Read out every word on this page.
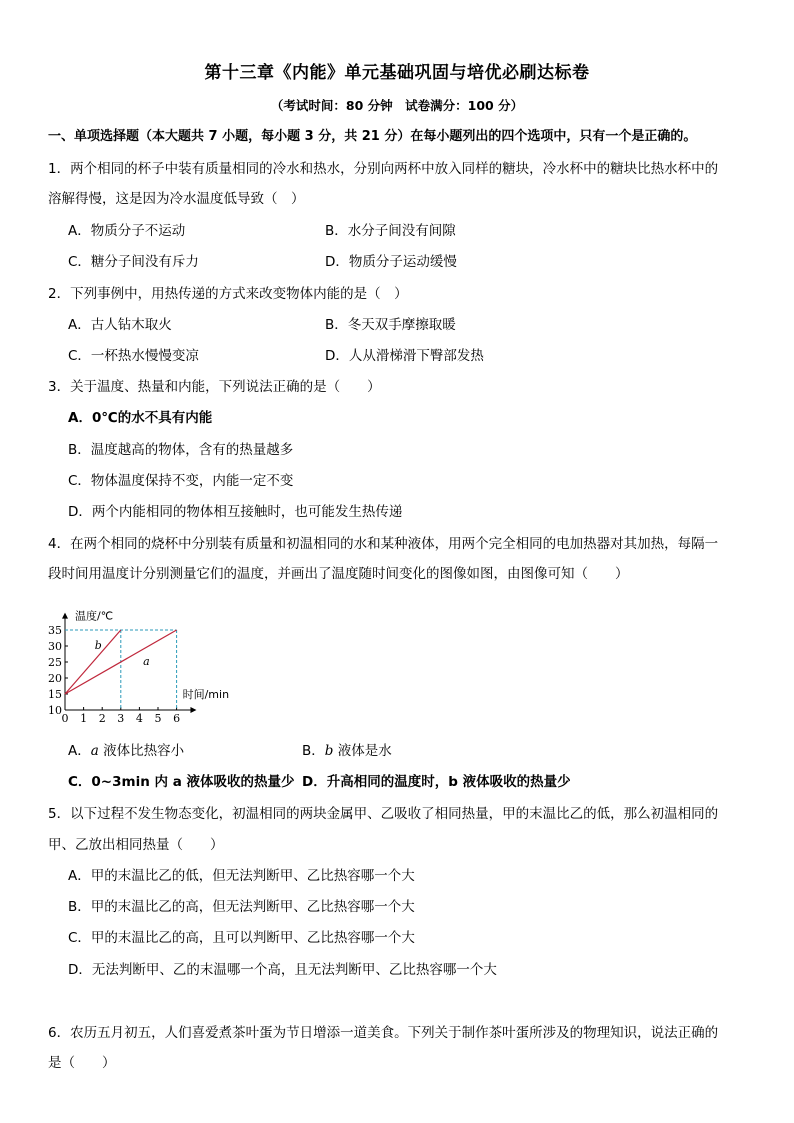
第十三章《内能》单元基础巩固与培优必刷达标卷
（考试时间：80 分钟　试卷满分：100 分）
一、单项选择题（本大题共 7 小题，每小题 3 分，共 21 分）在每小题列出的四个选项中，只有一个是正确的。
1．两个相同的杯子中装有质量相同的冷水和热水，分别向两杯中放入同样的糖块，冷水杯中的糖块比热水杯中的
溶解得慢，这是因为冷水温度低导致（　）
A．物质分子不运动	B．水分子间没有间隙
C．糖分子间没有斥力	D．物质分子运动缓慢
2．下列事例中，用热传递的方式来改变物体内能的是（　）
A．古人钻木取火	B．冬天双手摩擦取暖
C．一杯热水慢慢变凉	D．人从滑梯滑下臀部发热
3．关于温度、热量和内能，下列说法正确的是（　　）
A．0℃的水不具有内能
B．温度越高的物体，含有的热量越多
C．物体温度保持不变，内能一定不变
D．两个内能相同的物体相互接触时，也可能发生热传递
4．在两个相同的烧杯中分别装有质量和初温相同的水和某种液体，用两个完全相同的电加热器对其加热，每隔一
段时间用温度计分别测量它们的温度，并画出了温度随时间变化的图像如图，由图像可知（　　）
0 1 2 3 4 5 6
10
15
20
25
30
35
温度/℃
时间/min
a
b
A．a 液体比热容小	B．b 液体是水
C．0~3min 内 a 液体吸收的热量少 D．升高相同的温度时，b 液体吸收的热量少
5．以下过程不发生物态变化，初温相同的两块金属甲、乙吸收了相同热量，甲的末温比乙的低，那么初温相同的
甲、乙放出相同热量（　　）
A．甲的末温比乙的低，但无法判断甲、乙比热容哪一个大
B．甲的末温比乙的高，但无法判断甲、乙比热容哪一个大
C．甲的末温比乙的高，且可以判断甲、乙比热容哪一个大
D．无法判断甲、乙的末温哪一个高，且无法判断甲、乙比热容哪一个大
6．农历五月初五，人们喜爱煮茶叶蛋为节日增添一道美食。下列关于制作茶叶蛋所涉及的物理知识，说法正确的
是（　　）
